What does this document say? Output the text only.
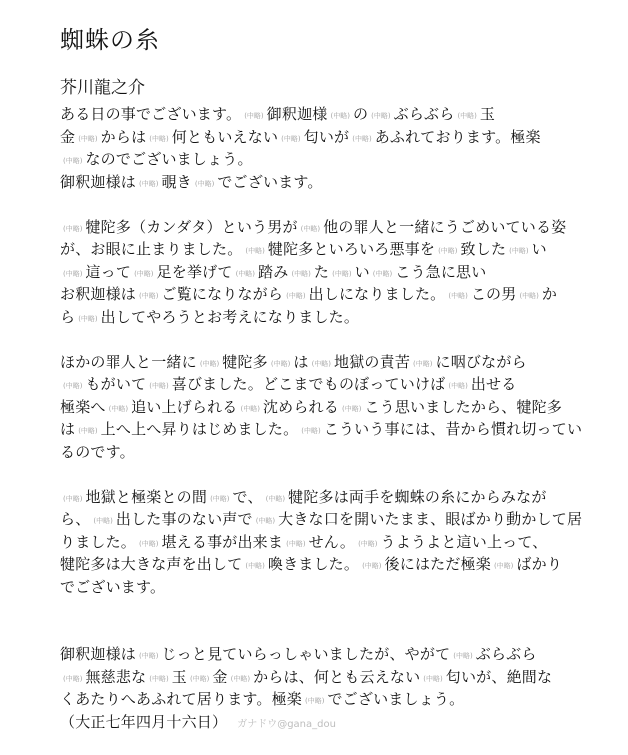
蜘蛛の糸
芥川龍之介
ある日の事でございます。 (中略) 御釈迦様 (中略) の (中略) ぶらぶら (中略) 玉
金 (中略) からは (中略) 何ともいえない (中略) 匂いが (中略) あふれております。極楽
(中略) なのでございましょう。
御釈迦様は (中略) 覗き (中略) でございます。
(中略) 犍陀多（カンダタ）という男が (中略) 他の罪人と一緒にうごめいている姿
が、お眼に止まりました。 (中略) 犍陀多といろいろ悪事を (中略) 致した (中略) い
(中略) 這って (中略) 足を挙げて (中略) 踏み (中略) た (中略) い (中略) こう急に思い
お釈迦様は (中略) ご覧になりながら (中略) 出しになりました。 (中略) この男 (中略) か
ら (中略) 出してやろうとお考えになりました。
ほかの罪人と一緒に (中略) 犍陀多 (中略) は (中略) 地獄の責苦 (中略) に咽びながら
(中略) もがいて (中略) 喜びました。どこまでものぼっていけば (中略) 出せる
極楽へ (中略) 追い上げられる (中略) 沈められる (中略) こう思いましたから、犍陀多
は (中略) 上へ上へ昇りはじめました。 (中略) こういう事には、昔から慣れ切ってい
るのです。
(中略) 地獄と極楽との間 (中略) で、 (中略) 犍陀多は両手を蜘蛛の糸にからみなが
ら、 (中略) 出した事のない声で (中略) 大きな口を開いたまま、眼ばかり動かして居
りました。 (中略) 堪える事が出来ま (中略) せん。 (中略) うようよと這い上って、
犍陀多は大きな声を出して (中略) 喚きました。 (中略) 後にはただ極楽 (中略) ばかり
でございます。
御釈迦様は (中略) じっと見ていらっしゃいましたが、やがて (中略) ぶらぶら
(中略) 無慈悲な (中略) 玉 (中略) 金 (中略) からは、何とも云えない (中略) 匂いが、絶間な
くあたりへあふれて居ります。極楽 (中略) でございましょう。
（大正七年四月十六日） ガナドウ@gana_dou
